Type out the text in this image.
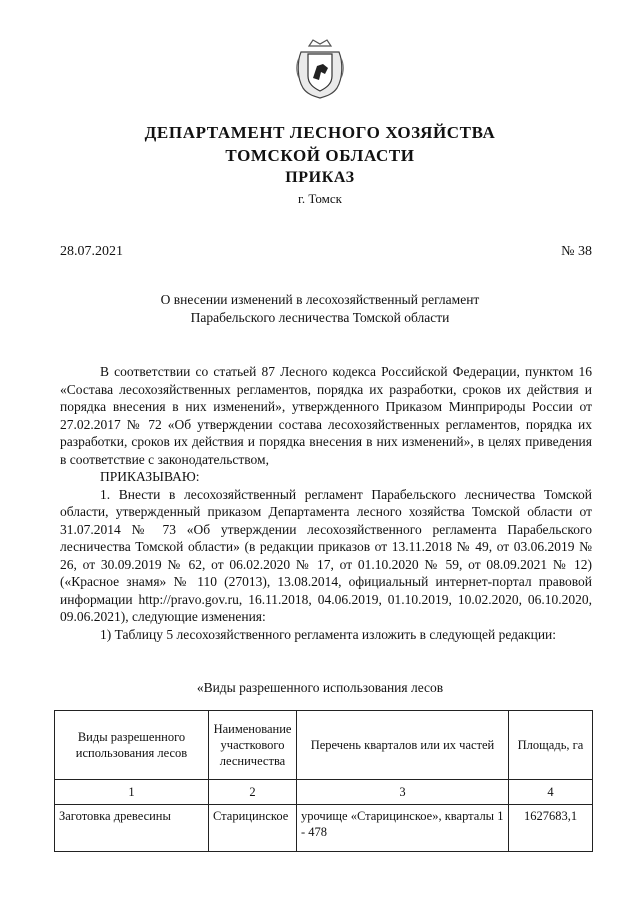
ДЕПАРТАМЕНТ ЛЕСНОГО ХОЗЯЙСТВА
ТОМСКОЙ ОБЛАСТИ
ПРИКАЗ
г. Томск
28.07.2021	№ 38
О внесении изменений в лесохозяйственный регламент
Парабельского лесничества Томской области

В соответствии со статьей 87 Лесного кодекса Российской Федерации, пунктом 16 «Состава лесохозяйственных регламентов, порядка их разработки, сроков их действия и порядка внесения в них изменений», утвержденного Приказом Минприроды России от 27.02.2017 № 72 «Об утверждении состава лесохозяйственных регламентов, порядка их разработки, сроков их действия и порядка внесения в них изменений», в целях приведения в соответствие с законодательством,

ПРИКАЗЫВАЮ:

1. Внести в лесохозяйственный регламент Парабельского лесничества Томской области, утвержденный приказом Департамента лесного хозяйства Томской области от 31.07.2014 № 73 «Об утверждении лесохозяйственного регламента Парабельского лесничества Томской области» (в редакции приказов от 13.11.2018 № 49, от 03.06.2019 № 26, от 30.09.2019 № 62, от 06.02.2020 № 17, от 01.10.2020 № 59, от 08.09.2021 № 12) («Красное знамя» № 110 (27013), 13.08.2014, официальный интернет-портал правовой информации http://pravo.gov.ru, 16.11.2018, 04.06.2019, 01.10.2019, 10.02.2020, 06.10.2020, 09.06.2021), следующие изменения:

1) Таблицу 5 лесохозяйственного регламента изложить в следующей редакции:

«Виды разрешенного использования лесов
Виды разрешенного использования лесов	Наименование участкового лесничества	Перечень кварталов или их частей	Площадь, га
1	2	3	4
Заготовка древесины	Старицинское	урочище «Старицинское», кварталы 1 - 478	1627683,1
